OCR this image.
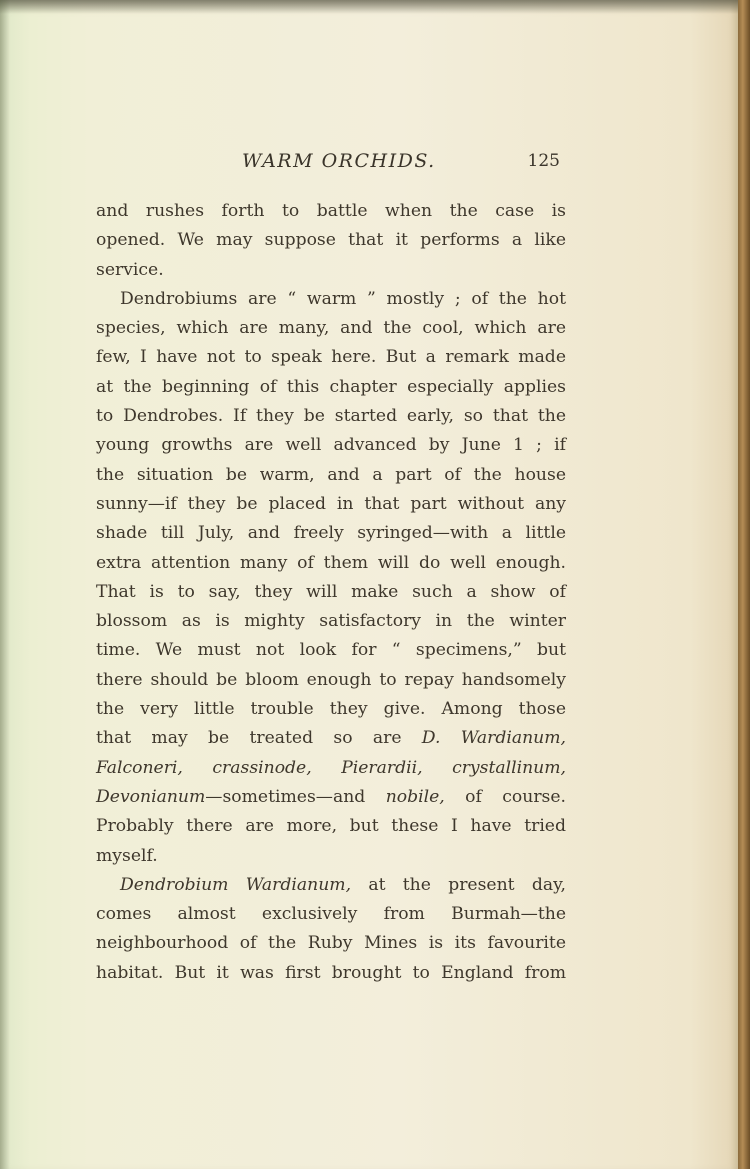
WARM ORCHIDS.	125
and rushes forth to battle when the case is
opened. We may suppose that it performs a like
service.
Dendrobiums are “ warm ” mostly ; of the hot
species, which are many, and the cool, which are
few, I have not to speak here. But a remark made
at the beginning of this chapter especially applies
to Dendrobes. If they be started early, so that the
young growths are well advanced by June 1 ; if
the situation be warm, and a part of the house
sunny—if they be placed in that part without any
shade till July, and freely syringed—with a little
extra attention many of them will do well enough.
That is to say, they will make such a show of
blossom as is mighty satisfactory in the winter
time. We must not look for “ specimens,” but
there should be bloom enough to repay handsomely
the very little trouble they give. Among those
that may be treated so are D. Wardianum,
Falconeri, crassinode, Pierardii, crystallinum,
Devonianum—sometimes—and nobile, of course.
Probably there are more, but these I have tried
myself.
Dendrobium Wardianum, at the present day,
comes almost exclusively from Burmah—the
neighbourhood of the Ruby Mines is its favourite
habitat. But it was first brought to England from
